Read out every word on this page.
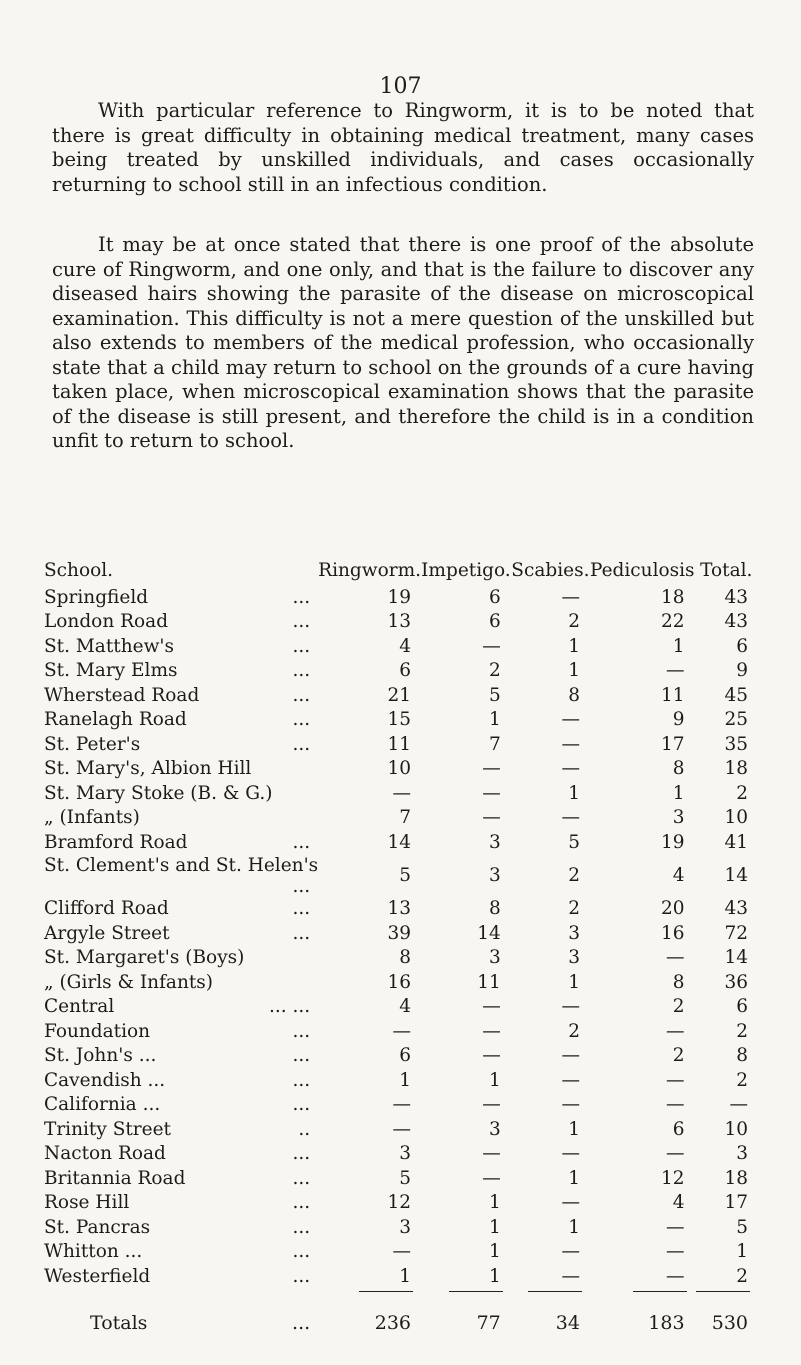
107

With particular reference to Ringworm, it is to be noted that there is great difficulty in obtaining medical treatment, many cases being treated by unskilled individuals, and cases occasionally returning to school still in an infectious condition.

It may be at once stated that there is one proof of the absolute cure of Ringworm, and one only, and that is the failure to discover any diseased hairs showing the parasite of the disease on microscopical examination. This difficulty is not a mere question of the unskilled but also extends to members of the medical profession, who occasionally state that a child may return to school on the grounds of a cure having taken place, when microscopical examination shows that the parasite of the disease is still present, and therefore the child is in a condition unfit to return to school.

School.	Ringworm.	Impetigo.	Scabies.	Pediculosis	Total.
Springfield ...	19	6	—	18	43
London Road ...	13	6	2	22	43
St. Matthew's ...	4	—	1	1	6
St. Mary Elms ...	6	2	1	—	9
Wherstead Road ...	21	5	8	11	45
Ranelagh Road ...	15	1	—	9	25
St. Peter's ...	11	7	—	17	35
St. Mary's, Albion Hill	10	—	—	8	18
St. Mary Stoke (B. & G.)	—	—	1	1	2
„ (Infants)	7	—	—	3	10
Bramford Road ...	14	3	5	19	41
St. Clement's and St. Helen's
...	5	3	2	4	14
Clifford Road ...	13	8	2	20	43
Argyle Street ...	39	14	3	16	72
St. Margaret's (Boys)	8	3	3	—	14
„ (Girls & Infants)	16	11	1	8	36
Central ... ...	4	—	—	2	6
Foundation ...	—	—	2	—	2
St. John's ... ...	6	—	—	2	8
Cavendish ... ...	1	1	—	—	2
California ... ...	—	—	—	—	—
Trinity Street ..	—	3	1	6	10
Nacton Road ...	3	—	—	—	3
Britannia Road ...	5	—	1	12	18
Rose Hill ...	12	1	—	4	17
St. Pancras ...	3	1	1	—	5
Whitton ... ...	—	1	—	—	1
Westerfield ...	1	1	—	—	2

Totals ...	236	77	34	183	530
